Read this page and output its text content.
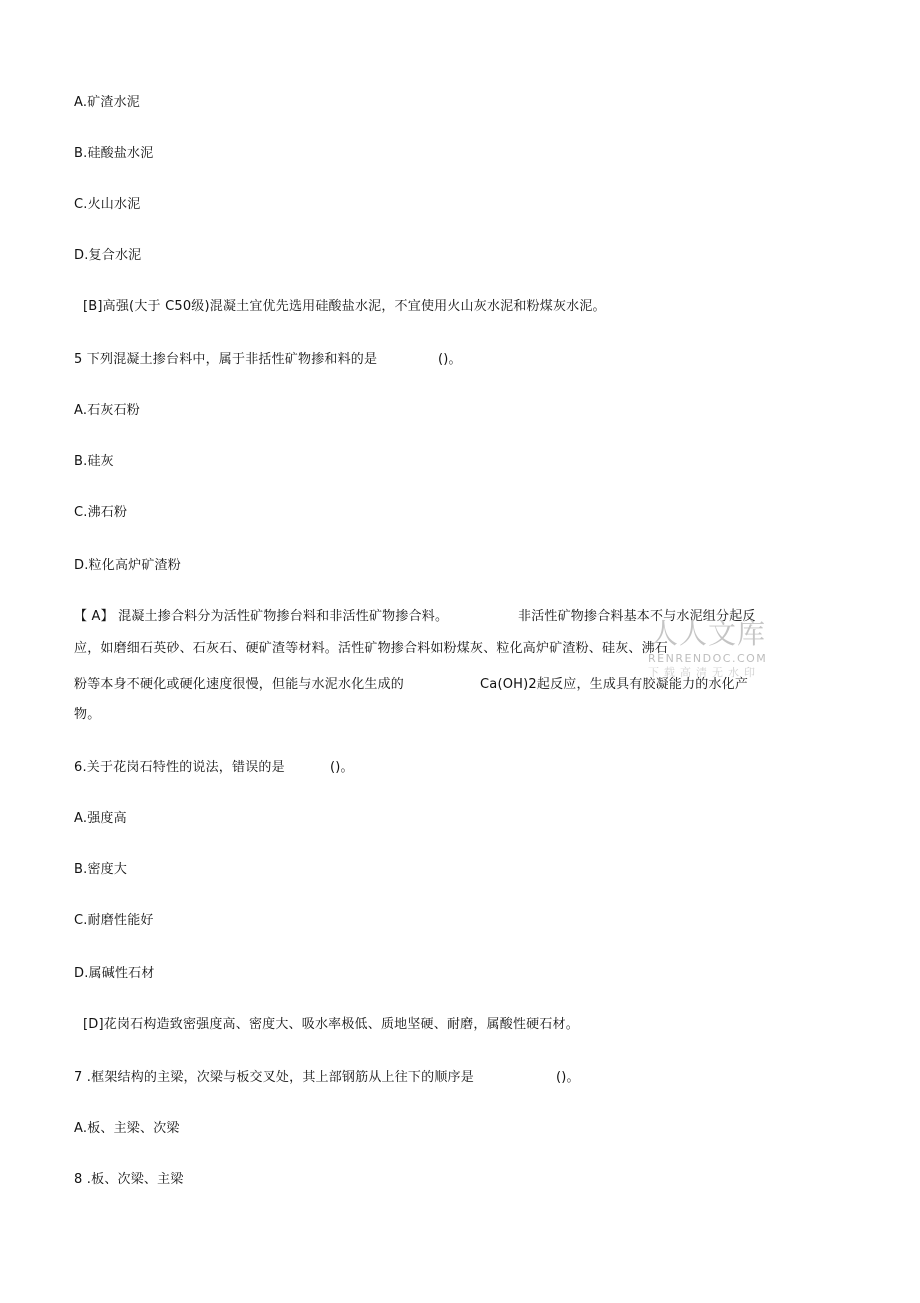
A.矿渣水泥
B.硅酸盐水泥
C.火山水泥
D.复合水泥
[B]高强(大于 C50级)混凝土宜优先选用硅酸盐水泥，不宜使用火山灰水泥和粉煤灰水泥。
5 下列混凝土掺台料中，属于非括性矿物掺和料的是	()。
A.石灰石粉
B.硅灰
C.沸石粉
D.粒化高炉矿渣粉
【 A】 混凝土掺合料分为活性矿物掺台料和非活性矿物掺合料。	非活性矿物掺合料基本不与水泥组分起反
应，如磨细石英砂、石灰石、硬矿渣等材料。活性矿物掺合料如粉煤灰、粒化高炉矿渣粉、硅灰、沸石
粉等本身不硬化或硬化速度很慢，但能与水泥水化生成的	Ca(OH)2起反应，生成具有胶凝能力的水化产
物。
6.关于花岗石特性的说法，错误的是	()。
A.强度高
B.密度大
C.耐磨性能好
D.属碱性石材
[D]花岗石构造致密强度高、密度大、吸水率极低、质地坚硬、耐磨，属酸性硬石材。
7 .框架结构的主梁，次梁与板交叉处，其上部钢筋从上往下的顺序是	()。
A.板、主梁、次梁
8 .板、次梁、主梁
人人文库
RENRENDOC.COM
下载高清无水印
